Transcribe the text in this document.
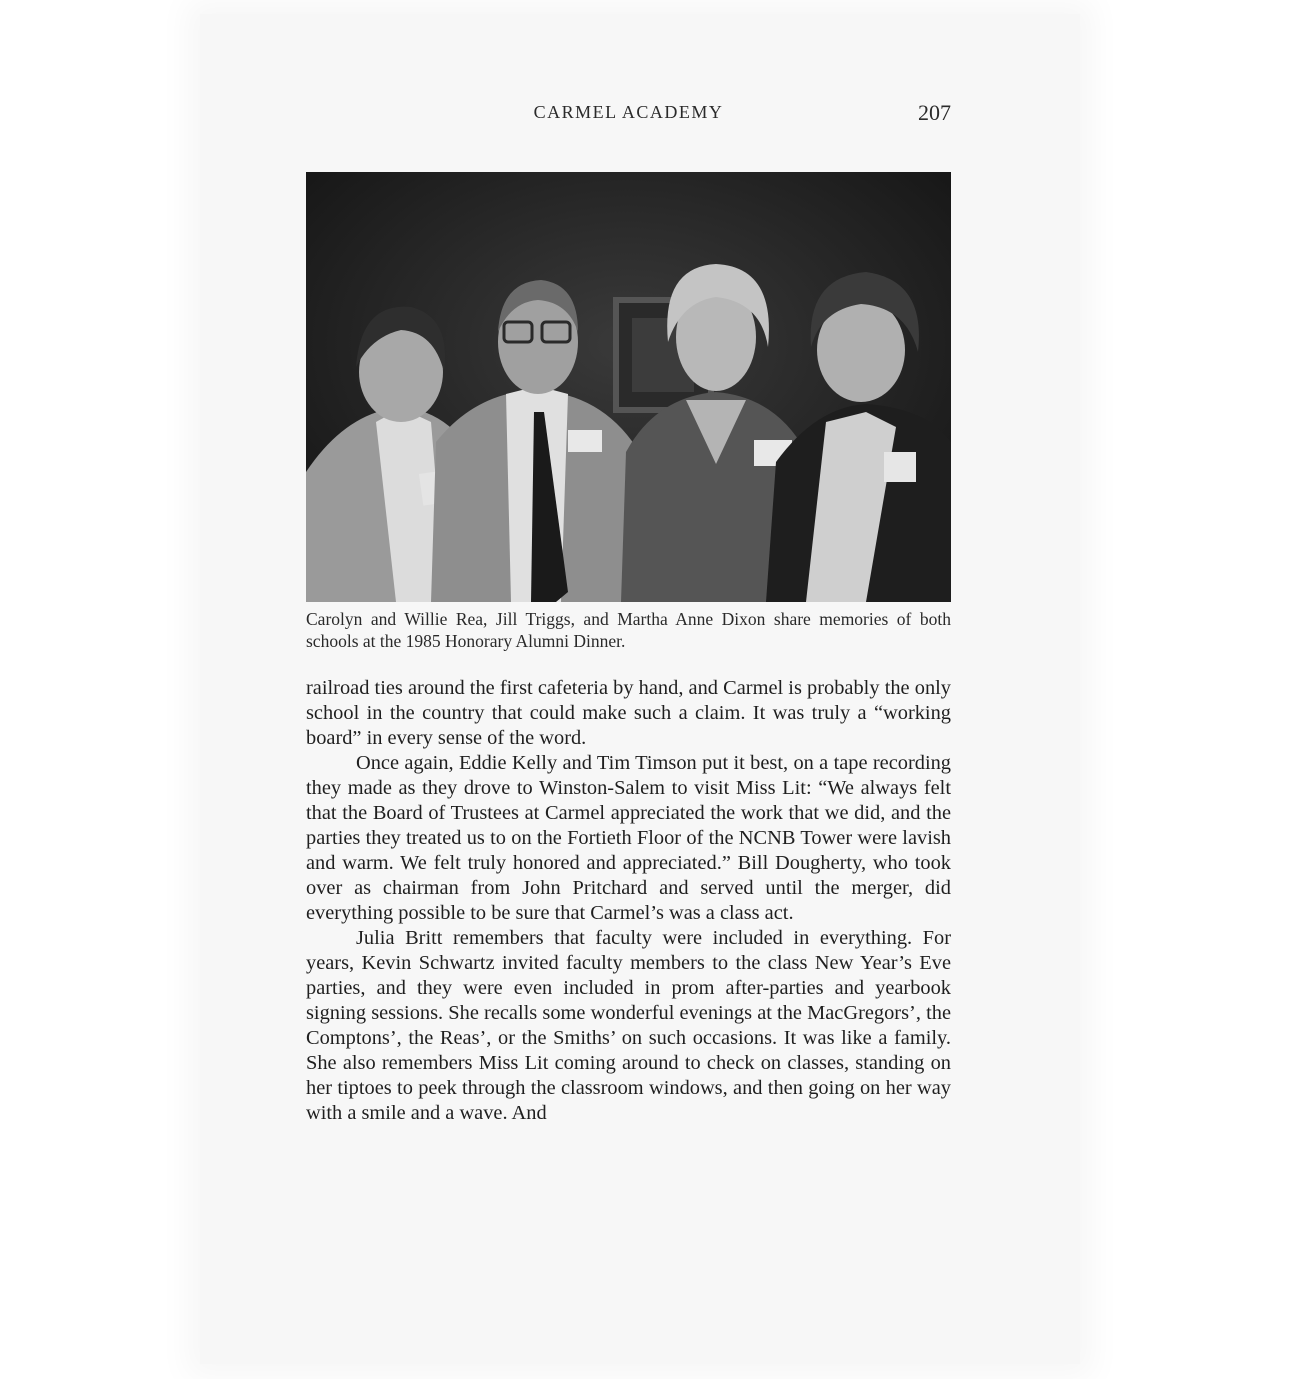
CARMEL ACADEMY	207
Carolyn and Willie Rea, Jill Triggs, and Martha Anne Dixon share memories of both schools at the 1985 Honorary Alumni Dinner.

railroad ties around the first cafeteria by hand, and Carmel is probably the only school in the country that could make such a claim. It was truly a “working board” in every sense of the word.

Once again, Eddie Kelly and Tim Timson put it best, on a tape recording they made as they drove to Winston-Salem to visit Miss Lit: “We always felt that the Board of Trustees at Carmel appreciated the work that we did, and the parties they treated us to on the Fortieth Floor of the NCNB Tower were lavish and warm. We felt truly honored and appreciated.” Bill Dougherty, who took over as chairman from John Pritchard and served until the merger, did everything possible to be sure that Carmel’s was a class act.

Julia Britt remembers that faculty were included in everything. For years, Kevin Schwartz invited faculty members to the class New Year’s Eve parties, and they were even included in prom after-parties and yearbook signing sessions. She recalls some wonderful evenings at the MacGregors’, the Comptons’, the Reas’, or the Smiths’ on such occasions. It was like a family. She also remembers Miss Lit coming around to check on classes, standing on her tiptoes to peek through the classroom windows, and then going on her way with a smile and a wave. And
